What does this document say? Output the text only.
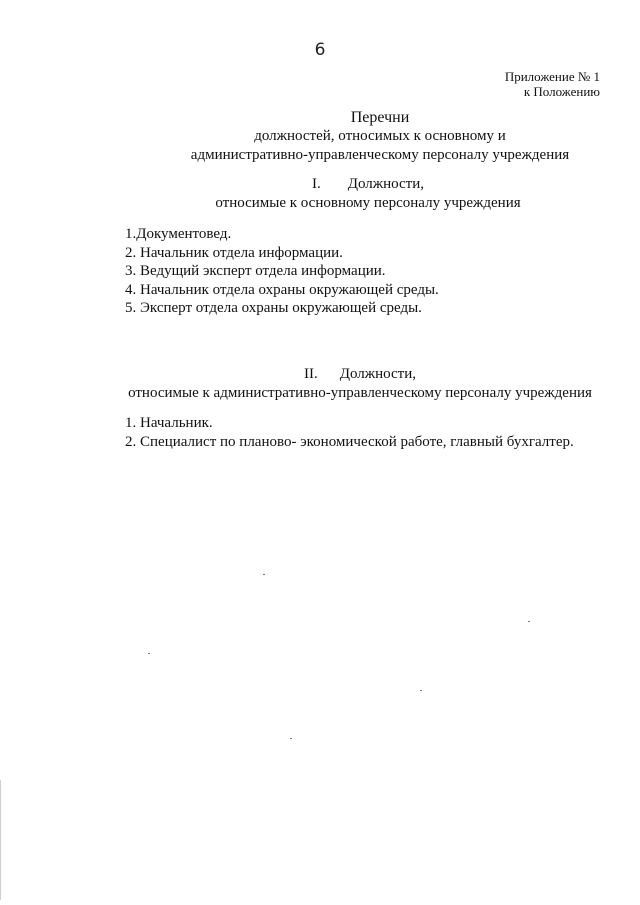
6
Приложение № 1
к Положению
Перечни
должностей, относимых к основному и
административно-управленческому персоналу учреждения
I. Должности,
относимые к основному персоналу учреждения
1.Документовед.
2. Начальник отдела информации.
3. Ведущий эксперт отдела информации.
4. Начальник отдела охраны окружающей среды.
5. Эксперт отдела охраны окружающей среды.
II. Должности,
относимые к административно-управленческому персоналу учреждения
1. Начальник.
2. Специалист по планово- экономической работе, главный бухгалтер.
